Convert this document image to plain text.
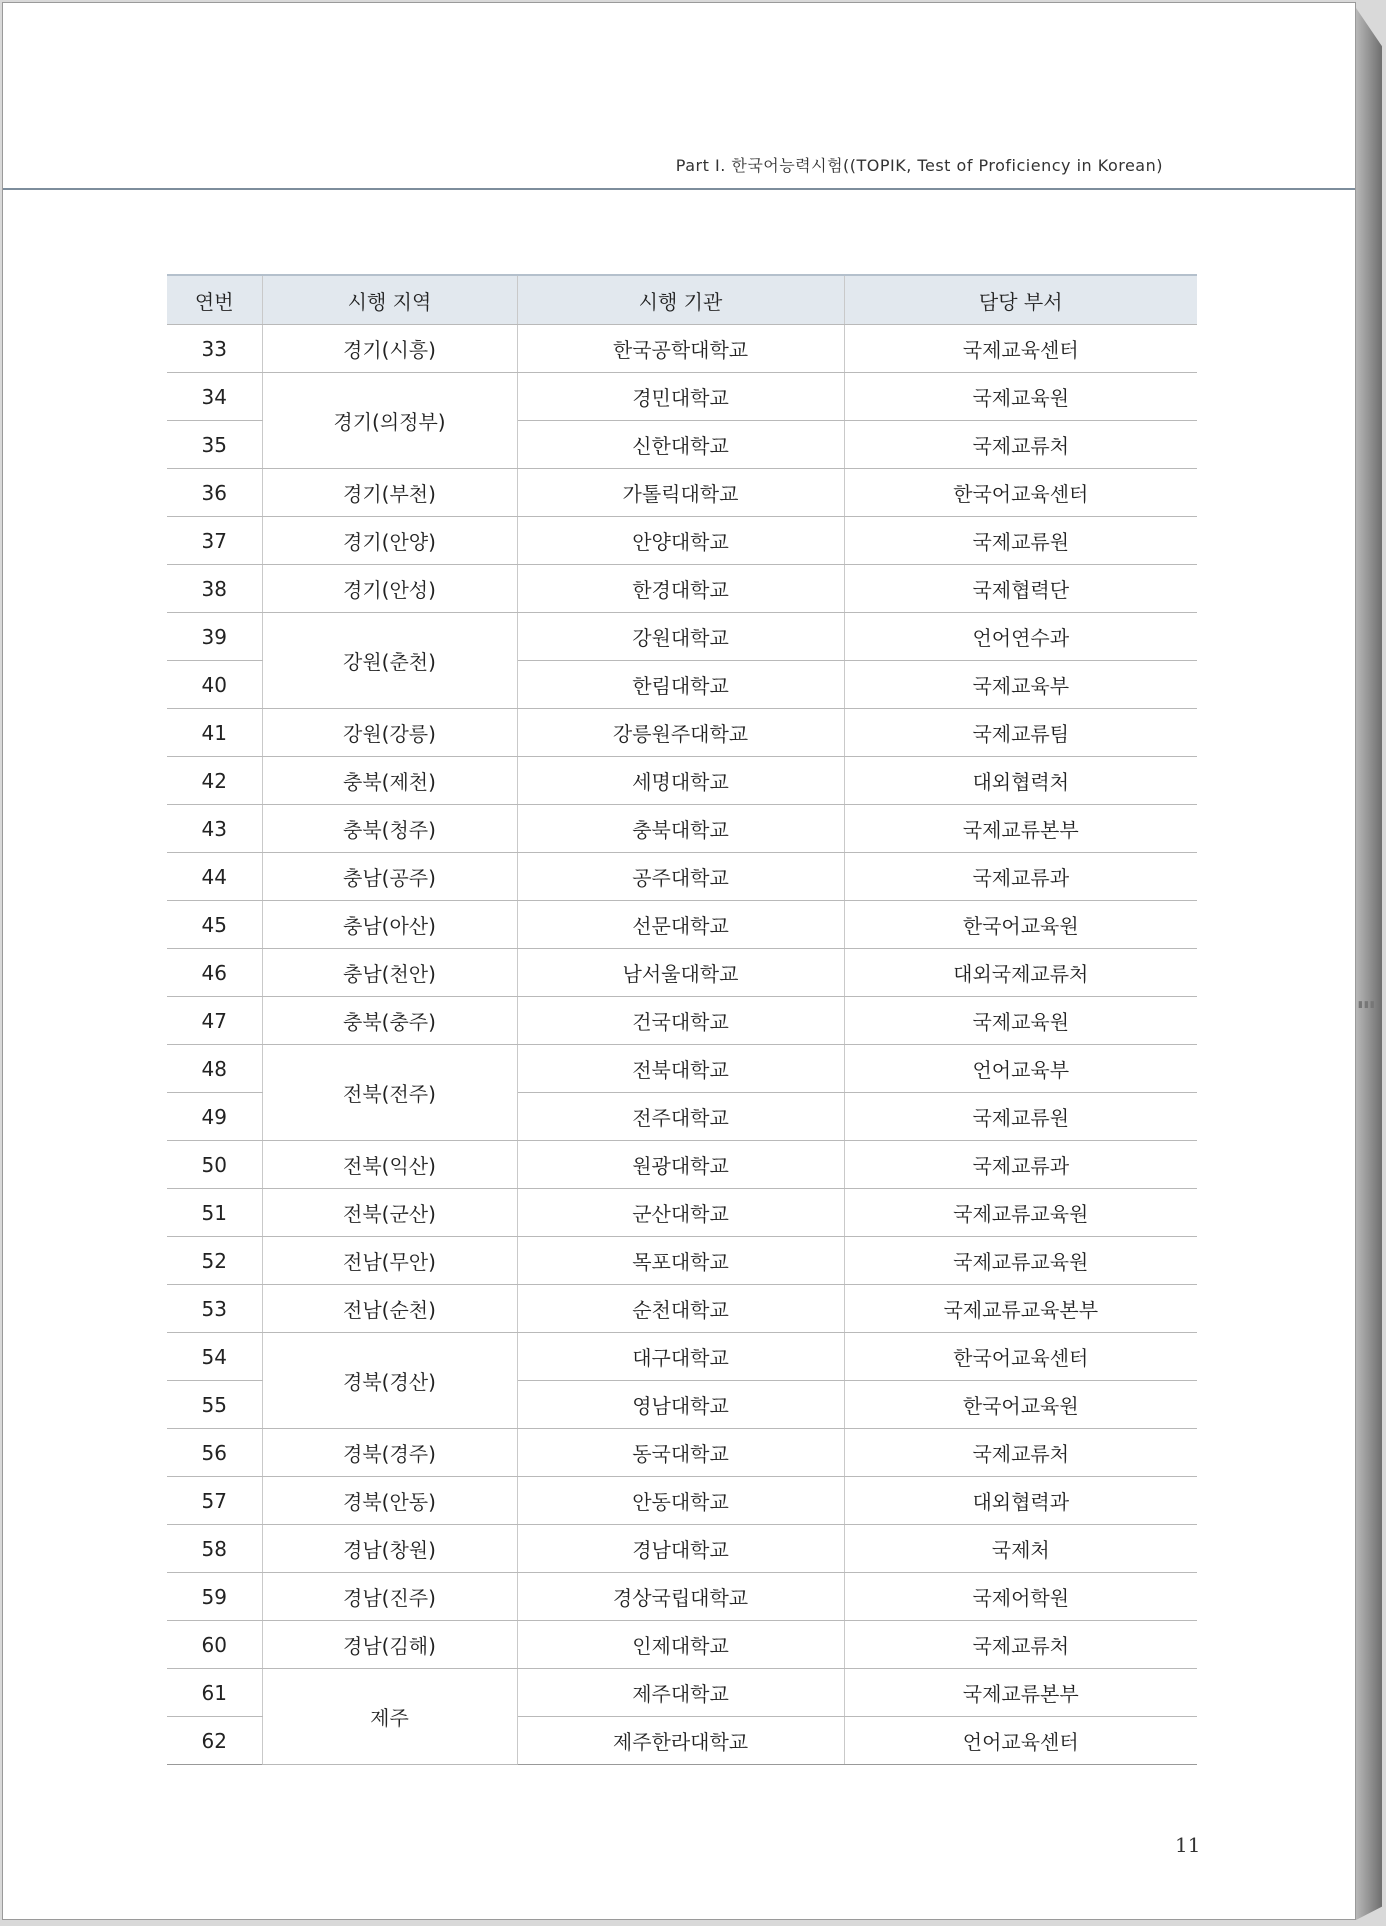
Part Ⅰ. 한국어능력시험((TOPIK, Test of Proficiency in Korean)
연번	시행 지역	시행 기관	담당 부서
33	경기(시흥)	한국공학대학교	국제교육센터
34	경기(의정부)	경민대학교	국제교육원
35		신한대학교	국제교류처
36	경기(부천)	가톨릭대학교	한국어교육센터
37	경기(안양)	안양대학교	국제교류원
38	경기(안성)	한경대학교	국제협력단
39	강원(춘천)	강원대학교	언어연수과
40		한림대학교	국제교육부
41	강원(강릉)	강릉원주대학교	국제교류팀
42	충북(제천)	세명대학교	대외협력처
43	충북(청주)	충북대학교	국제교류본부
44	충남(공주)	공주대학교	국제교류과
45	충남(아산)	선문대학교	한국어교육원
46	충남(천안)	남서울대학교	대외국제교류처
47	충북(충주)	건국대학교	국제교육원
48	전북(전주)	전북대학교	언어교육부
49		전주대학교	국제교류원
50	전북(익산)	원광대학교	국제교류과
51	전북(군산)	군산대학교	국제교류교육원
52	전남(무안)	목포대학교	국제교류교육원
53	전남(순천)	순천대학교	국제교류교육본부
54	경북(경산)	대구대학교	한국어교육센터
55		영남대학교	한국어교육원
56	경북(경주)	동국대학교	국제교류처
57	경북(안동)	안동대학교	대외협력과
58	경남(창원)	경남대학교	국제처
59	경남(진주)	경상국립대학교	국제어학원
60	경남(김해)	인제대학교	국제교류처
61	제주	제주대학교	국제교류본부
62		제주한라대학교	언어교육센터
11
▮▮▮
